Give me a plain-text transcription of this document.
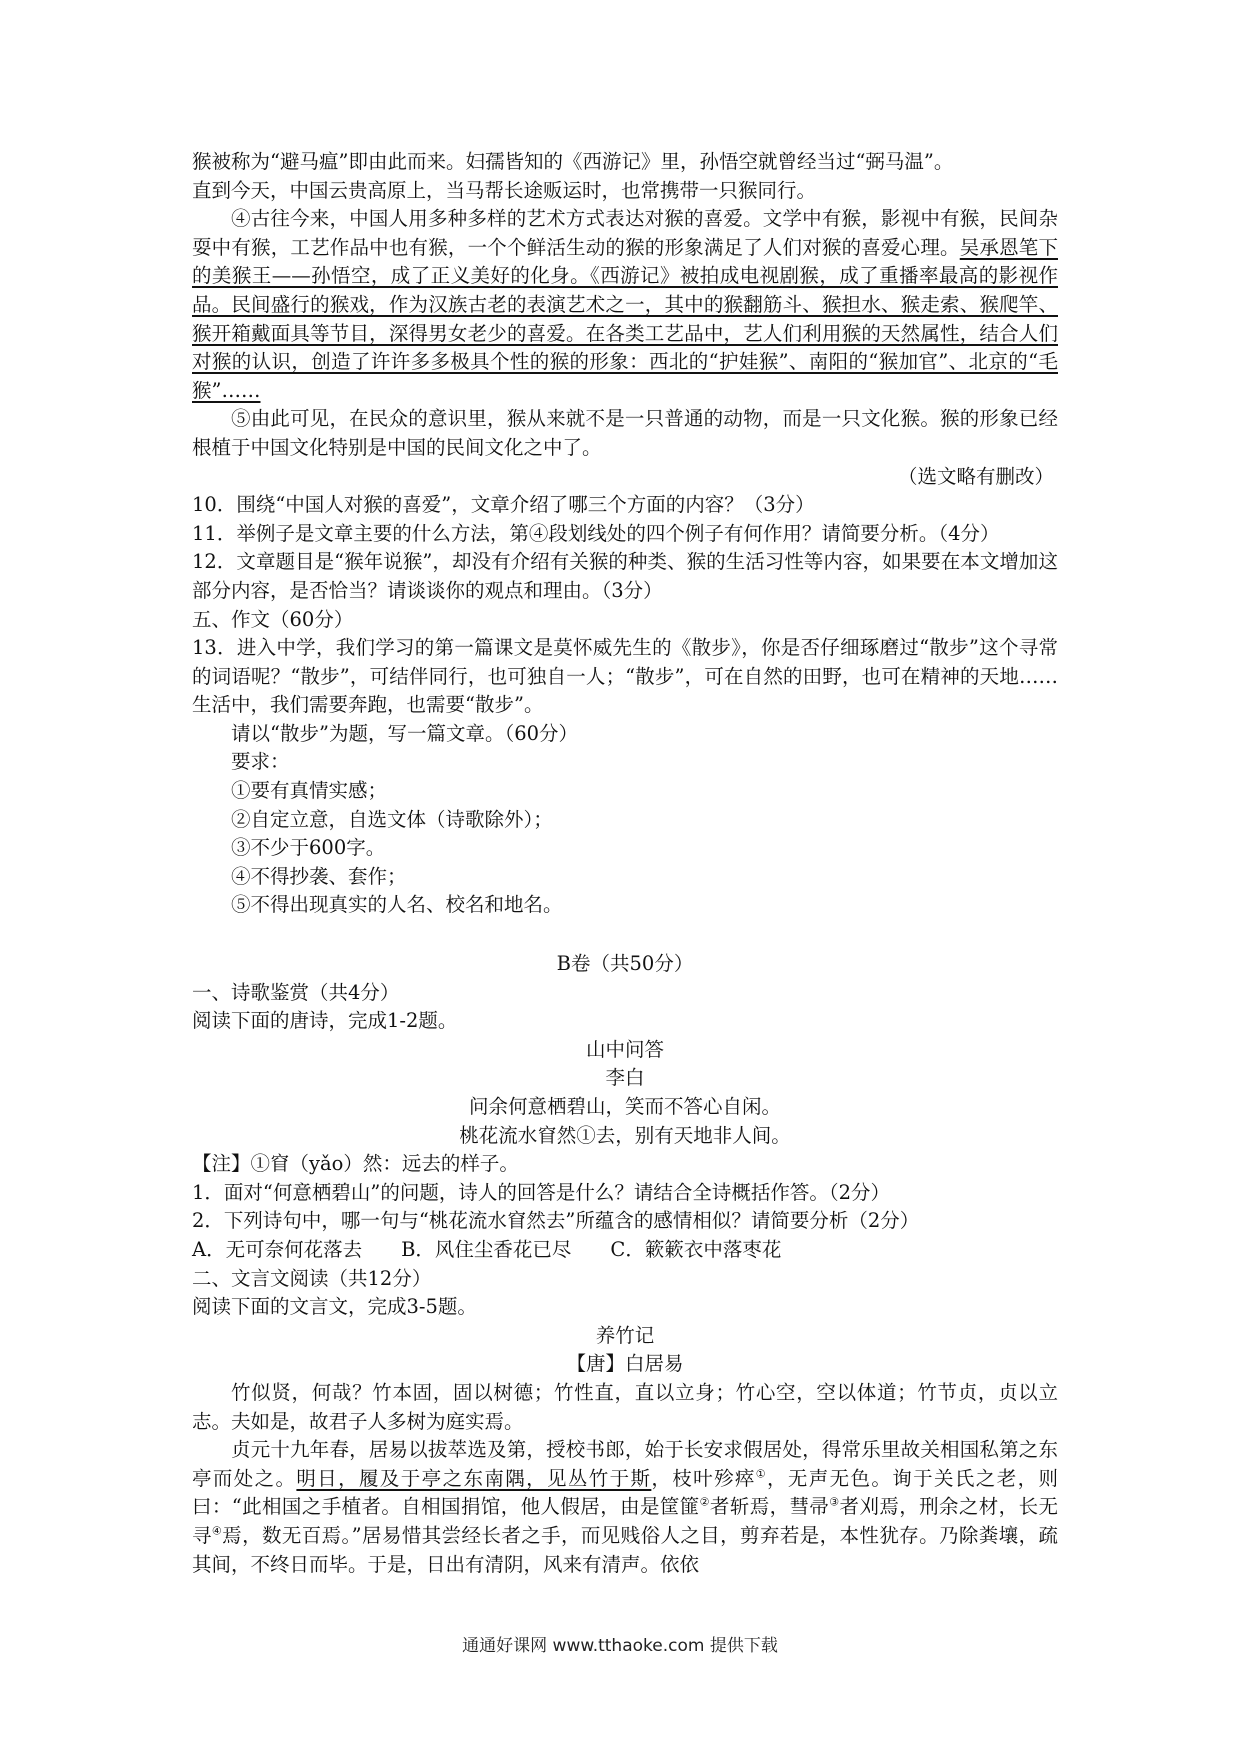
猴被称为“避马瘟”即由此而来。妇孺皆知的《西游记》里，孙悟空就曾经当过“弼马温”。

直到今天，中国云贵高原上，当马帮长途贩运时，也常携带一只猴同行。

④古往今来，中国人用多种多样的艺术方式表达对猴的喜爱。文学中有猴，影视中有猴，民间杂耍中有猴，工艺作品中也有猴，一个个鲜活生动的猴的形象满足了人们对猴的喜爱心理。吴承恩笔下的美猴王——孙悟空，成了正义美好的化身。《西游记》被拍成电视剧猴，成了重播率最高的影视作品。民间盛行的猴戏，作为汉族古老的表演艺术之一，其中的猴翻筋斗、猴担水、猴走索、猴爬竿、猴开箱戴面具等节目，深得男女老少的喜爱。在各类工艺品中，艺人们利用猴的天然属性，结合人们对猴的认识，创造了许许多多极具个性的猴的形象：西北的“护娃猴”、南阳的“猴加官”、北京的“毛猴”……

⑤由此可见，在民众的意识里，猴从来就不是一只普通的动物，而是一只文化猴。猴的形象已经根植于中国文化特别是中国的民间文化之中了。

（选文略有删改）

10．围绕“中国人对猴的喜爱”，文章介绍了哪三个方面的内容？（3分）

11．举例子是文章主要的什么方法，第④段划线处的四个例子有何作用？请简要分析。（4分）

12．文章题目是“猴年说猴”，却没有介绍有关猴的种类、猴的生活习性等内容，如果要在本文增加这部分内容，是否恰当？请谈谈你的观点和理由。（3分）

五、作文（60分）

13．进入中学，我们学习的第一篇课文是莫怀威先生的《散步》，你是否仔细琢磨过“散步”这个寻常的词语呢？“散步”，可结伴同行，也可独自一人；“散步”，可在自然的田野，也可在精神的天地……生活中，我们需要奔跑，也需要“散步”。

请以“散步”为题，写一篇文章。（60分）

要求：

①要有真情实感；

②自定立意，自选文体（诗歌除外）；

③不少于600字。

④不得抄袭、套作；

⑤不得出现真实的人名、校名和地名。

B卷（共50分）

一、诗歌鉴赏（共4分）

阅读下面的唐诗，完成1-2题。

山中问答

李白

问余何意栖碧山，笑而不答心自闲。

桃花流水窅然①去，别有天地非人间。

【注】①窅（yǎo）然：远去的样子。

1．面对“何意栖碧山”的问题，诗人的回答是什么？请结合全诗概括作答。（2分）

2．下列诗句中，哪一句与“桃花流水窅然去”所蕴含的感情相似？请简要分析（2分）

A．无可奈何花落去　　B．风住尘香花已尽　　C．簌簌衣中落枣花

二、文言文阅读（共12分）

阅读下面的文言文，完成3-5题。

养竹记

【唐】白居易

竹似贤，何哉？竹本固，固以树德；竹性直，直以立身；竹心空，空以体道；竹节贞，贞以立志。夫如是，故君子人多树为庭实焉。

贞元十九年春，居易以拔萃选及第，授校书郎，始于长安求假居处，得常乐里故关相国私第之东亭而处之。明日，履及于亭之东南隅，见丛竹于斯，枝叶殄瘁①，无声无色。询于关氏之老，则曰：“此相国之手植者。自相国捐馆，他人假居，由是筐篚②者斩焉，彗帚③者刈焉，刑余之材，长无寻④焉，数无百焉。”居易惜其尝经长者之手，而见贱俗人之目，剪弃若是，本性犹存。乃除粪壤，疏其间，不终日而毕。于是，日出有清阴，风来有清声。依依

通通好课网 www.tthaoke.com 提供下载
